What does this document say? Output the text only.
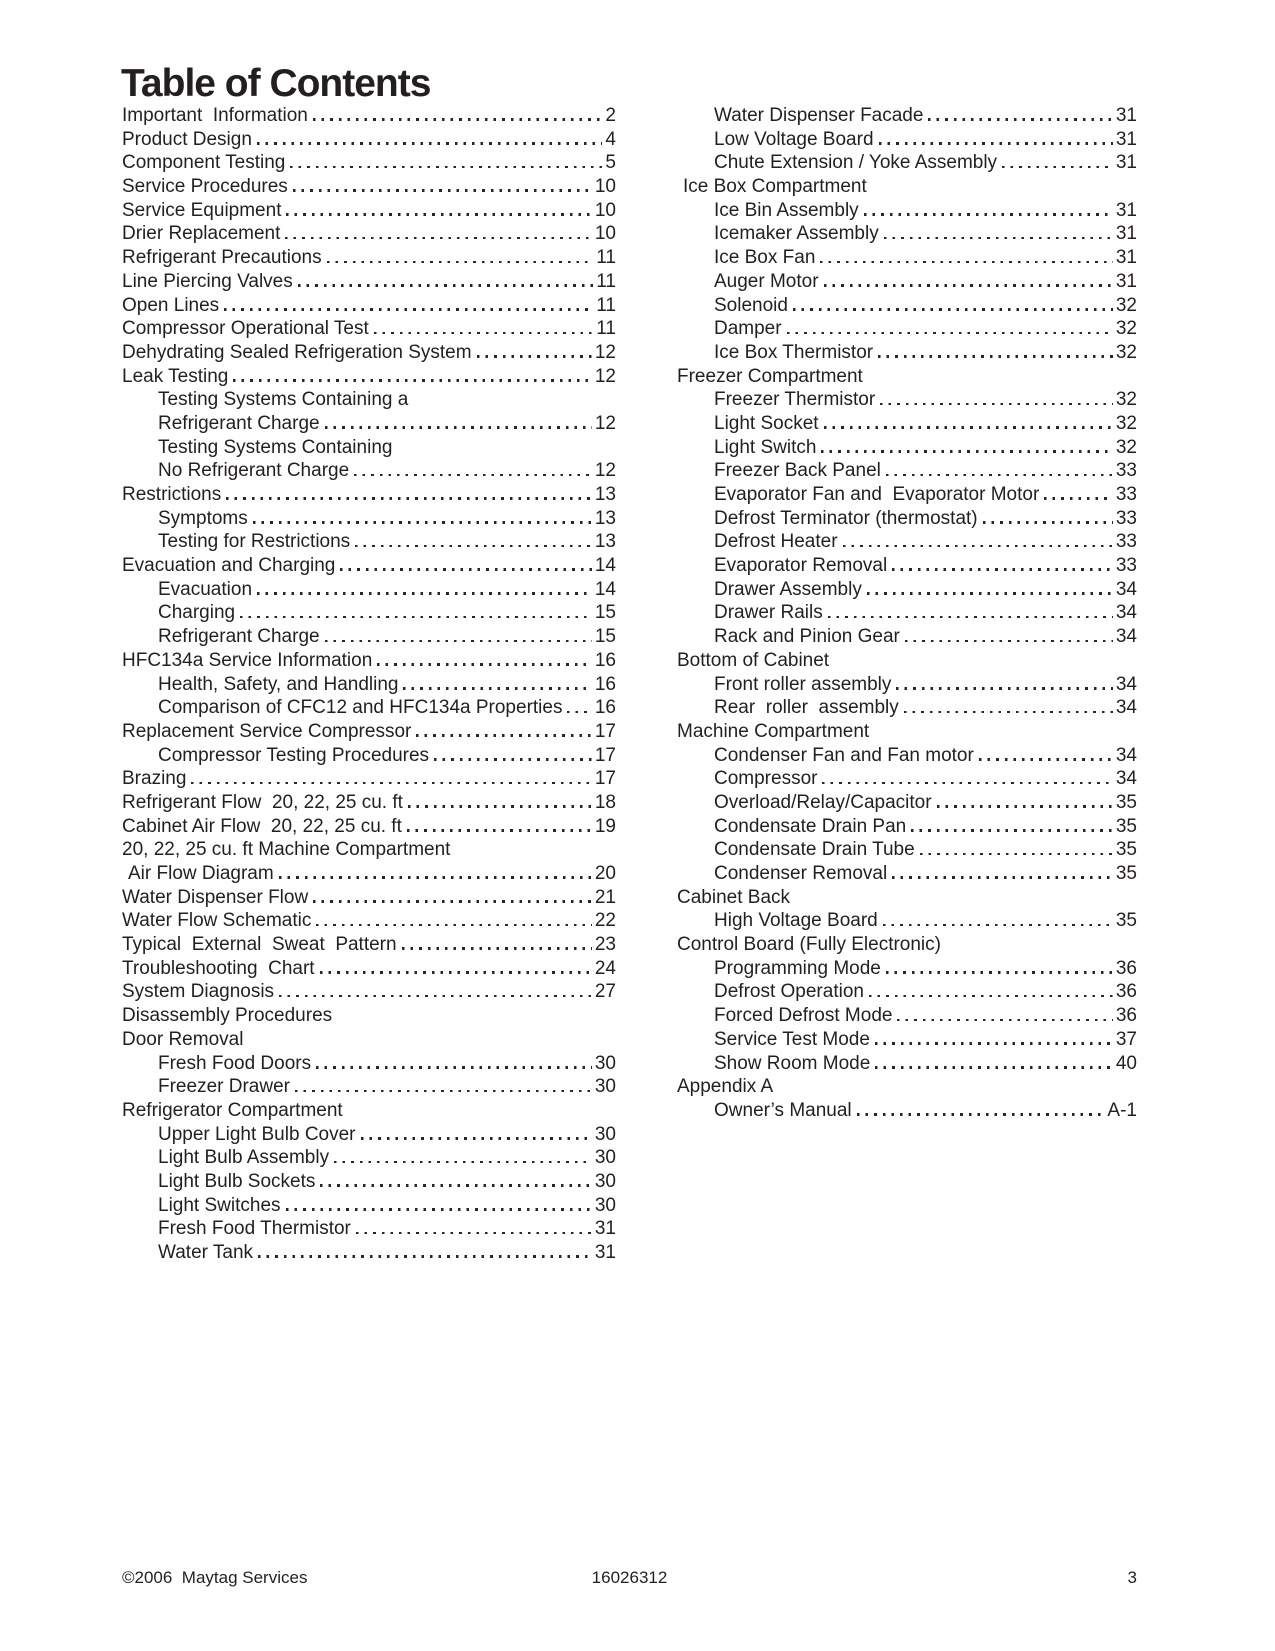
Table of Contents
Important  Information	2
Product Design	4
Component Testing	5
Service Procedures	10
Service Equipment	10
Drier Replacement	10
Refrigerant Precautions	11
Line Piercing Valves	11
Open Lines	11
Compressor Operational Test	11
Dehydrating Sealed Refrigeration System	12
Leak Testing	12
Testing Systems Containing a
Refrigerant Charge	12
Testing Systems Containing
No Refrigerant Charge	12
Restrictions	13
Symptoms	13
Testing for Restrictions	13
Evacuation and Charging	14
Evacuation	14
Charging	15
Refrigerant Charge	15
HFC134a Service Information	16
Health, Safety, and Handling	16
Comparison of CFC12 and HFC134a Properties 16
Replacement Service Compressor	17
Compressor Testing Procedures	17
Brazing	17
Refrigerant Flow  20, 22, 25 cu. ft	18
Cabinet Air Flow  20, 22, 25 cu. ft	19
20, 22, 25 cu. ft Machine Compartment
Air Flow Diagram	20
Water Dispenser Flow	21
Water Flow Schematic	22
Typical  External  Sweat  Pattern	23
Troubleshooting  Chart	24
System Diagnosis	27
Disassembly Procedures
Door Removal
Fresh Food Doors	30
Freezer Drawer	30
Refrigerator Compartment
Upper Light Bulb Cover	30
Light Bulb Assembly	30
Light Bulb Sockets	30
Light Switches	30
Fresh Food Thermistor	31
Water Tank	31
Water Dispenser Facade	31
Low Voltage Board	31
Chute Extension / Yoke Assembly	31
Ice Box Compartment
Ice Bin Assembly	31
Icemaker Assembly	31
Ice Box Fan	31
Auger Motor	31
Solenoid	32
Damper	32
Ice Box Thermistor	32
Freezer Compartment
Freezer Thermistor	32
Light Socket	32
Light Switch	32
Freezer Back Panel	33
Evaporator Fan and  Evaporator Motor	33
Defrost Terminator (thermostat)	33
Defrost Heater	33
Evaporator Removal	33
Drawer Assembly	34
Drawer Rails	34
Rack and Pinion Gear	34
Bottom of Cabinet
Front roller assembly	34
Rear  roller  assembly	34
Machine Compartment
Condenser Fan and Fan motor	34
Compressor	34
Overload/Relay/Capacitor	35
Condensate Drain Pan	35
Condensate Drain Tube	35
Condenser Removal	35
Cabinet Back
High Voltage Board	35
Control Board (Fully Electronic)
Programming Mode	36
Defrost Operation	36
Forced Defrost Mode	36
Service Test Mode	37
Show Room Mode	40
Appendix A
Owner’s Manual	A-1
©2006  Maytag Services	16026312	3
